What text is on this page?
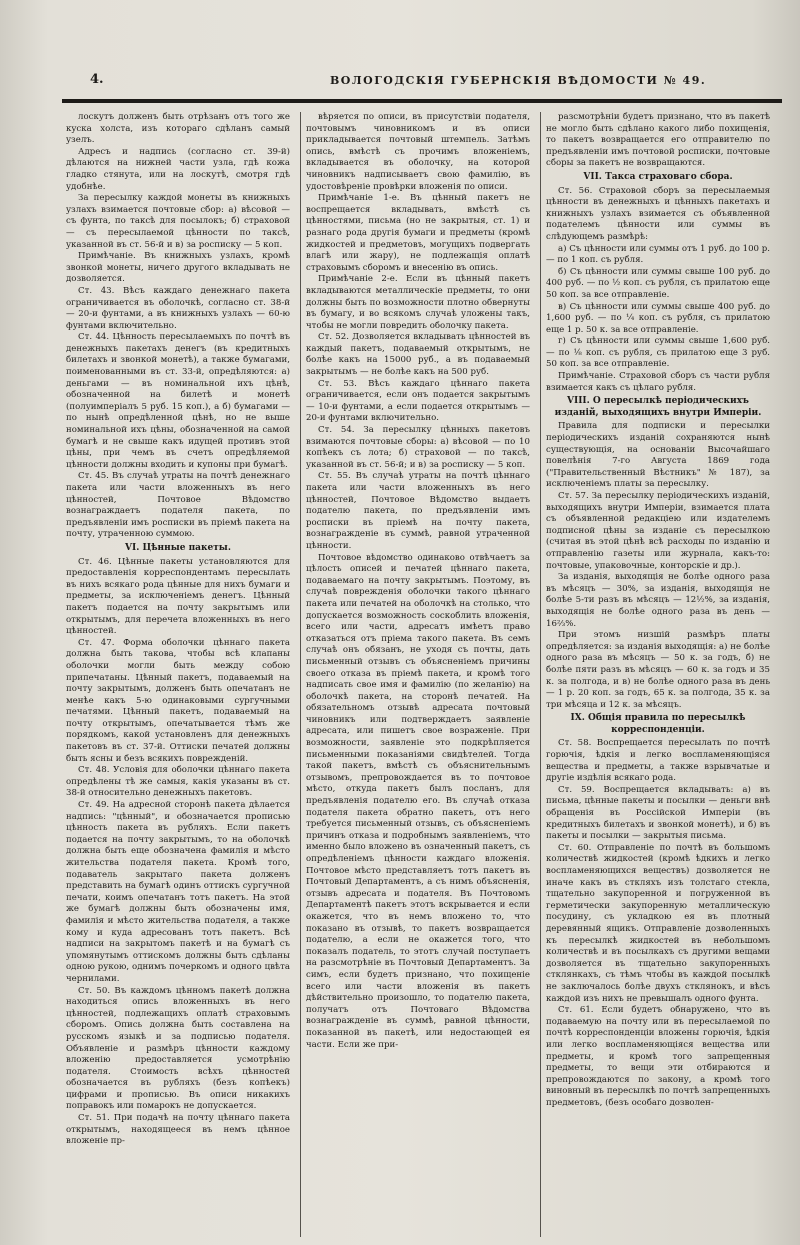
4.	ВОЛОГОДСКІЯ ГУБЕРНСКІЯ ВѢДОМОСТИ № 49.

лоскутъ долженъ быть отрѣзанъ отъ того же куска холста, изъ котораго сдѣланъ самый узелъ.

Адресъ и надпись (согласно ст. 39-й) дѣлаются на нижней части узла, гдѣ кожа гладко стянута, или на лоскутѣ, смотря гдѣ удобнѣе.

За пересылку каждой монеты въ книжныхъ узлахъ взимается почтовые сбор: а) вѣсовой — съ фунта, по таксѣ для посылокъ; б) страховой — съ пересылаемой цѣнности по таксѣ, указанной въ ст. 56-й и в) за росписку — 5 коп.

Примѣчаніе. Въ книжныхъ узлахъ, кромѣ звонкой монеты, ничего другого вкладывать не дозволяется.

Ст. 43. Вѣсъ каждаго денежнаго пакета ограничивается въ оболочкѣ, согласно ст. 38-й — 20-и фунтами, а въ книжныхъ узлахъ — 60-ю фунтами включительно.

Ст. 44. Цѣнность пересылаемыхъ по почтѣ въ денежныхъ пакетахъ денегъ (въ кредитныхъ билетахъ и звонкой монетѣ), а также бумагами, поименованными въ ст. 33-й, опредѣляются: а) деньгами — въ номинальной ихъ цѣнѣ, обозначенной на билетѣ и монетѣ (полуимперіалъ 5 руб. 15 коп.), а б) бумагами — по нынѣ опредѣленной цѣнѣ, но не выше номинальной ихъ цѣны, обозначенной на самой бумагѣ и не свыше какъ идущей противъ этой цѣны, при чемъ въ счетъ опредѣляемой цѣнности должны входить и купоны при бумагѣ.

Ст. 45. Въ случаѣ утраты на почтѣ денежнаго пакета или части вложенныхъ въ него цѣнностей, Почтовое Вѣдомство вознаграждаетъ подателя пакета, по предъявленіи имъ росписки въ пріемѣ пакета на почту, утраченною суммою.

VI. Цѣнные пакеты.

Ст. 46. Цѣнные пакеты установляются для предоставленія корреспондентамъ пересылать въ нихъ всякаго рода цѣнные для нихъ бумаги и предметы, за исключеніемъ денегъ. Цѣнный пакетъ подается на почту закрытымъ или открытымъ, для перечета вложенныхъ въ него цѣнностей.

Ст. 47. Форма оболочки цѣннаго пакета должна быть такова, чтобы всѣ клапаны оболочки могли быть между собою припечатаны. Цѣнный пакетъ, подаваемый на почту закрытымъ, долженъ быть опечатанъ не менѣе какъ 5-ю одинаковыми сургучными печатями. Цѣнный пакетъ, подаваемый на почту открытымъ, опечатывается тѣмъ же порядкомъ, какой установленъ для денежныхъ пакетовъ въ ст. 37-й. Оттиски печатей должны быть ясны и безъ всякихъ поврежденій.

Ст. 48. Условія для оболочки цѣннаго пакета опредѣлены тѣ же самыя, какія указаны въ ст. 38-й относительно денежныхъ пакетовъ.

Ст. 49. На адресной сторонѣ пакета дѣлается надпись: "цѣнный", и обозначается прописью цѣнность пакета въ рубляхъ. Если пакетъ подается на почту закрытымъ, то на оболочкѣ должна быть еще обозначена фамилія и мѣсто жительства подателя пакета. Кромѣ того, подаватель закрытаго пакета долженъ представить на бумагѣ одинъ оттискъ сургучной печати, коимъ опечатанъ тотъ пакетъ. На этой же бумагѣ должны быть обозначены имя, фамилія и мѣсто жительства подателя, а также кому и куда адресованъ тотъ пакетъ. Всѣ надписи на закрытомъ пакетѣ и на бумагѣ съ упомянутымъ оттискомъ должны быть сдѣланы одною рукою, однимъ почеркомъ и одного цвѣта чернилами.

Ст. 50. Въ каждомъ цѣнномъ пакетѣ должна находиться опись вложенныхъ въ него цѣнностей, подлежащихъ оплатѣ страховымъ сборомъ. Опись должна быть составлена на русскомъ языкѣ и за подписью подателя. Объявленіе и размѣръ цѣнности каждому вложенію предоставляется усмотрѣнію подателя. Стоимость всѣхъ цѣнностей обозначается въ рубляхъ (безъ копѣекъ) цифрами и прописью. Въ описи никакихъ поправокъ или помарокъ не допускается.

Ст. 51. При подачѣ на почту цѣннаго пакета открытымъ, находящееся въ немъ цѣнное вложеніе пр-

вѣряется по описи, въ присутствіи подателя, почтовымъ чиновникомъ и въ описи прикладывается почтовый штемпель. Затѣмъ опись, вмѣстѣ съ прочимъ вложеніемъ, вкладывается въ оболочку, на которой чиновникъ надписываетъ свою фамилію, въ удостовѣреніе провѣрки вложенія по описи.

Примѣчаніе 1-е. Въ цѣнный пакетъ не воспрещается вкладывать, вмѣстѣ съ цѣнностями, письма (но не закрытыя, ст. 1) и разнаго рода другія бумаги и предметы (кромѣ жидкостей и предметовъ, могущихъ подвергать влагѣ или жару), не подлежащія оплатѣ страховымъ сборомъ и внесенію въ опись.

Примѣчаніе 2-е. Если въ цѣнный пакетъ вкладываются металлическіе предметы, то они должны быть по возможности плотно обвернуты въ бумагу, и во всякомъ случаѣ уложены такъ, чтобы не могли повредить оболочку пакета.

Ст. 52. Дозволяется вкладывать цѣнностей въ каждый пакетъ, подаваемый открытымъ, не болѣе какъ на 15000 руб., а въ подаваемый закрытымъ — не болѣе какъ на 500 руб.

Ст. 53. Вѣсъ каждаго цѣннаго пакета ограничивается, если онъ подается закрытымъ — 10-и фунтами, а если подается открытымъ — 20-и фунтами включительно.

Ст. 54. За пересылку цѣнныхъ пакетовъ взимаются почтовые сборы: а) вѣсовой — по 10 копѣекъ съ лота; б) страховой — по таксѣ, указанной въ ст. 56-й; и в) за росписку — 5 коп.

Ст. 55. Въ случаѣ утраты на почтѣ цѣннаго пакета или части вложенныхъ въ него цѣнностей, Почтовое Вѣдомство выдаетъ подателю пакета, по предъявленіи имъ росписки въ пріемѣ на почту пакета, вознагражденіе въ суммѣ, равной утраченной цѣнности.

Почтовое вѣдомство одинаково отвѣчаетъ за цѣлость описей и печатей цѣннаго пакета, подаваемаго на почту закрытымъ. Поэтому, въ случаѣ поврежденія оболочки такого цѣннаго пакета или печатей на оболочкѣ на столько, что допускается возможность соскоблить вложенія, всего или части, адресатъ имѣетъ право отказаться отъ пріема такого пакета. Въ семъ случаѣ онъ обязанъ, не уходя съ почты, дать письменный отзывъ съ объясненіемъ причины своего отказа въ пріемѣ пакета, и кромѣ того надписать свое имя и фамилію (по желанію) на оболочкѣ пакета, на сторонѣ печатей. На обязательномъ отзывѣ адресата почтовый чиновникъ или подтверждаетъ заявленіе адресата, или пишетъ свое возраженіе. При возможности, заявленіе это подкрѣпляется письменными показаніями свидѣтелей. Тогда такой пакетъ, вмѣстѣ съ объяснительнымъ отзывомъ, препровождается въ то почтовое мѣсто, откуда пакетъ былъ посланъ, для предъявленія подателю его. Въ случаѣ отказа подателя пакета обратно пакетъ, отъ него требуется письменный отзывъ, съ объясненіемъ причинъ отказа и подробнымъ заявленіемъ, что именно было вложено въ означенный пакетъ, съ опредѣленіемъ цѣнности каждаго вложенія. Почтовое мѣсто представляетъ тотъ пакетъ въ Почтовый Департаментъ, а съ нимъ объясненія, отзывъ адресата и подателя. Въ Почтовомъ Департаментѣ пакетъ этотъ вскрывается и если окажется, что въ немъ вложено то, что показано въ отзывѣ, то пакетъ возвращается подателю, а если не окажется того, что показалъ податель, то этотъ случай поступаетъ на разсмотрѣніе въ Почтовый Департаментъ. За симъ, если будетъ признано, что похищеніе всего или части вложенія въ пакетъ дѣйствительно произошло, то подателю пакета, получатъ отъ Почтоваго Вѣдомства вознагражденіе въ суммѣ, равной цѣнности, показанной въ пакетѣ, или недостающей ея части. Если же при-

разсмотрѣніи будетъ признано, что въ пакетѣ не могло быть сдѣлано какого либо похищенія, то пакетъ возвращается его отправителю по предъявленіи имъ почтовой росписки, почтовые сборы за пакетъ не возвращаются.

VII. Такса страховаго сбора.

Ст. 56. Страховой сборъ за пересылаемыя цѣнности въ денежныхъ и цѣнныхъ пакетахъ и книжныхъ узлахъ взимается съ объявленной подателемъ цѣнности или суммы въ слѣдующемъ размѣрѣ:

а) Съ цѣнности или суммы отъ 1 руб. до 100 р. — по 1 коп. съ рубля.

б) Съ цѣнности или суммы свыше 100 руб. до 400 руб. — по ½ коп. съ рубля, съ прилатою еще 50 коп. за все отправленіе.

в) Съ цѣнности или суммы свыше 400 руб. до 1,600 руб. — по ¼ коп. съ рубля, съ прилатою еще 1 р. 50 к. за все отправленіе.

г) Съ цѣнности или суммы свыше 1,600 руб. — по ⅛ коп. съ рубля, съ прилатою еще 3 руб. 50 коп. за все отправленіе.

Примѣчаніе. Страховой сборъ съ части рубля взимается какъ съ цѣлаго рубля.

VIII. О пересылкѣ періодическихъ изданій, выходящихъ внутри Имперіи.

Правила для подписки и пересылки періодическихъ изданій сохраняются нынѣ существующія, на основаніи Высочайшаго повелѣнія 7-го Августа 1869 года ("Правительственный Вѣстникъ" № 187), за исключеніемъ платы за пересылку.

Ст. 57. За пересылку періодическихъ изданій, выходящихъ внутри Имперіи, взимается плата съ объявленной редакціею или издателемъ подписной цѣны за изданіе съ пересылкою (считая въ этой цѣнѣ всѣ расходы по изданію и отправленію газеты или журнала, какъ-то: почтовые, упаковочные, конторскіе и др.).

За изданія, выходящія не болѣе одного раза въ мѣсяцъ — 30%, за изданія, выходящія не болѣе 5-ти разъ въ мѣсяцъ — 12½%, за изданія, выходящія не болѣе одного раза въ день — 16⅔%.

При этомъ низшій размѣръ платы опредѣляется: за изданія выходящія: а) не болѣе одного раза въ мѣсяцъ — 50 к. за годъ, б) не болѣе пяти разъ въ мѣсяцъ — 60 к. за годъ и 35 к. за полгода, и в) не болѣе одного раза въ день — 1 р. 20 коп. за годъ, 65 к. за полгода, 35 к. за три мѣсяца и 12 к. за мѣсяцъ.

IX. Общія правила по пересылкѣ корреспонденціи.

Ст. 58. Воспрещается пересылать по почтѣ горючія, ѣдкія и легко воспламеняющіяся вещества и предметы, а также взрывчатые и другіе издѣлія всякаго рода.

Ст. 59. Воспрещается вкладывать: а) въ письма, цѣнные пакеты и посылки — деньги внѣ обращенія въ Россійской Имперіи (въ кредитныхъ билетахъ и звонкой монетѣ), и б) въ пакеты и посылки — закрытыя письма.

Ст. 60. Отправленіе по почтѣ въ большомъ количествѣ жидкостей (кромѣ ѣдкихъ и легко воспламеняющихся веществъ) дозволяется не иначе какъ въ сткляхъ изъ толстаго стекла, тщательно закупоренной и погруженной въ герметически закупоренную металлическую посудину, съ укладкою ея въ плотный деревянный ящикъ. Отправленіе дозволенныхъ къ пересылкѣ жидкостей въ небольшомъ количествѣ и въ посылкахъ съ другими вещами дозволяется въ тщательно закупоренныхъ стклянкахъ, съ тѣмъ чтобы въ каждой посылкѣ не заключалось болѣе двухъ стклянокъ, и вѣсъ каждой изъ нихъ не превышалъ одного фунта.

Ст. 61. Если будетъ обнаружено, что въ подаваемую на почту или въ пересылаемой по почтѣ корреспонденціи вложены горючія, ѣдкія или легко воспламеняющіяся вещества или предметы, и кромѣ того запрещенныя предметы, то вещи эти отбираются и препровождаются по закону, а кромѣ того виновный въ пересылкѣ по почтѣ запрещенныхъ предметовъ, (безъ особаго дозволен-
